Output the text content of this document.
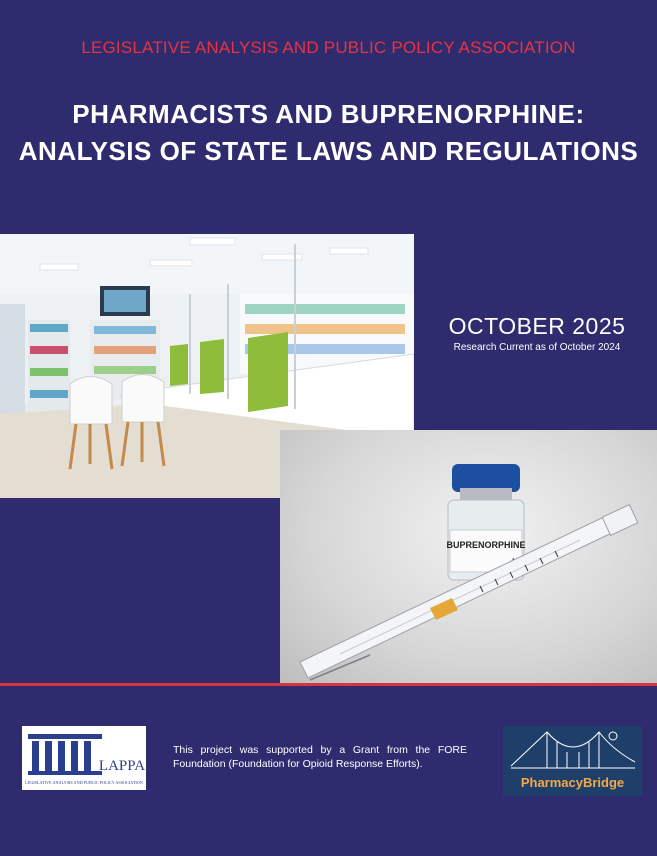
LEGISLATIVE ANALYSIS AND PUBLIC POLICY ASSOCIATION
PHARMACISTS AND BUPRENORPHINE:
ANALYSIS OF STATE LAWS AND REGULATIONS
OCTOBER 2025
Research Current as of October 2024
BUPRENORPHINE
LAPPA
LEGISLATIVE ANALYSIS AND PUBLIC POLICY ASSOCIATION
This project was supported by a Grant from the FORE Foundation (Foundation for Opioid Response Efforts).
PharmacyBridge
